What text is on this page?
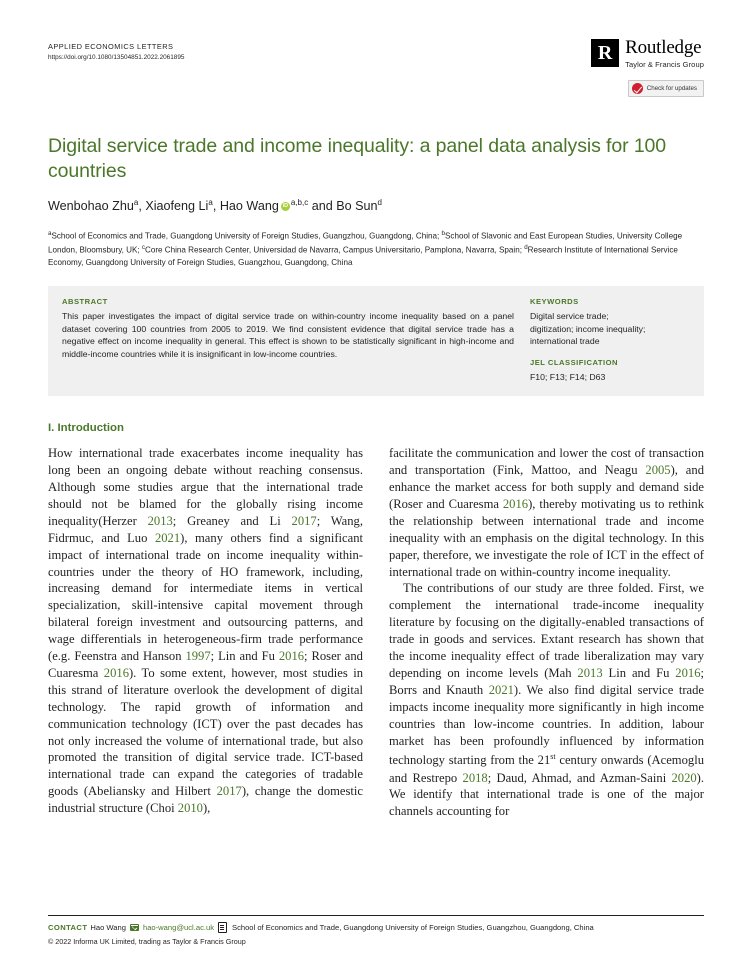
APPLIED ECONOMICS LETTERS
https://doi.org/10.1080/13504851.2022.2061895	R Routledge
Taylor & Francis Group
Check for updates
Digital service trade and income inequality: a panel data analysis for 100 countries
Wenbohao Zhu$^a$, Xiaofeng Li$^a$, Hao Wang iD $^{a,b,c}$ and Bo Sun$^d$
$^a$School of Economics and Trade, Guangdong University of Foreign Studies, Guangzhou, Guangdong, China; $^b$School of Slavonic and East European Studies, University College London, Bloomsbury, UK; $^c$Core China Research Center, Universidad de Navarra, Campus Universitario, Pamplona, Navarra, Spain; $^d$Research Institute of International Service Economy, Guangdong University of Foreign Studies, Guangzhou, Guangdong, China
ABSTRACT
This paper investigates the impact of digital service trade on within-country income inequality based on a panel dataset covering 100 countries from 2005 to 2019. We find consistent evidence that digital service trade has a negative effect on income inequality in general. This effect is shown to be statistically significant in high-income and middle-income countries while it is insignificant in low-income countries.
KEYWORDS
Digital service trade; digitization; income inequality; international trade
JEL CLASSIFICATION
F10; F13; F14; D63
I. Introduction

How international trade exacerbates income inequality has long been an ongoing debate without reaching consensus. Although some studies argue that the international trade should not be blamed for the globally rising income inequality(Herzer 2013; Greaney and Li 2017; Wang, Fidrmuc, and Luo 2021), many others find a significant impact of international trade on income inequality within-countries under the theory of HO framework, including, increasing demand for intermediate items in vertical specialization, skill-intensive capital movement through bilateral foreign investment and outsourcing patterns, and wage differentials in heterogeneous-firm trade performance (e.g. Feenstra and Hanson 1997; Lin and Fu 2016; Roser and Cuaresma 2016). To some extent, however, most studies in this strand of literature overlook the development of digital technology. The rapid growth of information and communication technology (ICT) over the past decades has not only increased the volume of international trade, but also promoted the transition of digital service trade. ICT-based international trade can expand the categories of tradable goods (Abeliansky and Hilbert 2017), change the domestic industrial structure (Choi 2010),

facilitate the communication and lower the cost of transaction and transportation (Fink, Mattoo, and Neagu 2005), and enhance the market access for both supply and demand side (Roser and Cuaresma 2016), thereby motivating us to rethink the relationship between international trade and income inequality with an emphasis on the digital technology. In this paper, therefore, we investigate the role of ICT in the effect of international trade on within-country income inequality.

The contributions of our study are three folded. First, we complement the international trade-income inequality literature by focusing on the digitally-enabled transactions of trade in goods and services. Extant research has shown that the income inequality effect of trade liberalization may vary depending on income levels (Mah 2013 Lin and Fu 2016; Borrs and Knauth 2021). We also find digital service trade impacts income inequality more significantly in high income countries than low-income countries. In addition, labour market has been profoundly influenced by information technology starting from the 21st century onwards (Acemoglu and Restrepo 2018; Daud, Ahmad, and Azman-Saini 2020). We identify that international trade is one of the major channels accounting for

CONTACT Hao Wang hao-wang@ucl.ac.uk School of Economics and Trade, Guangdong University of Foreign Studies, Guangzhou, Guangdong, China
© 2022 Informa UK Limited, trading as Taylor & Francis Group
